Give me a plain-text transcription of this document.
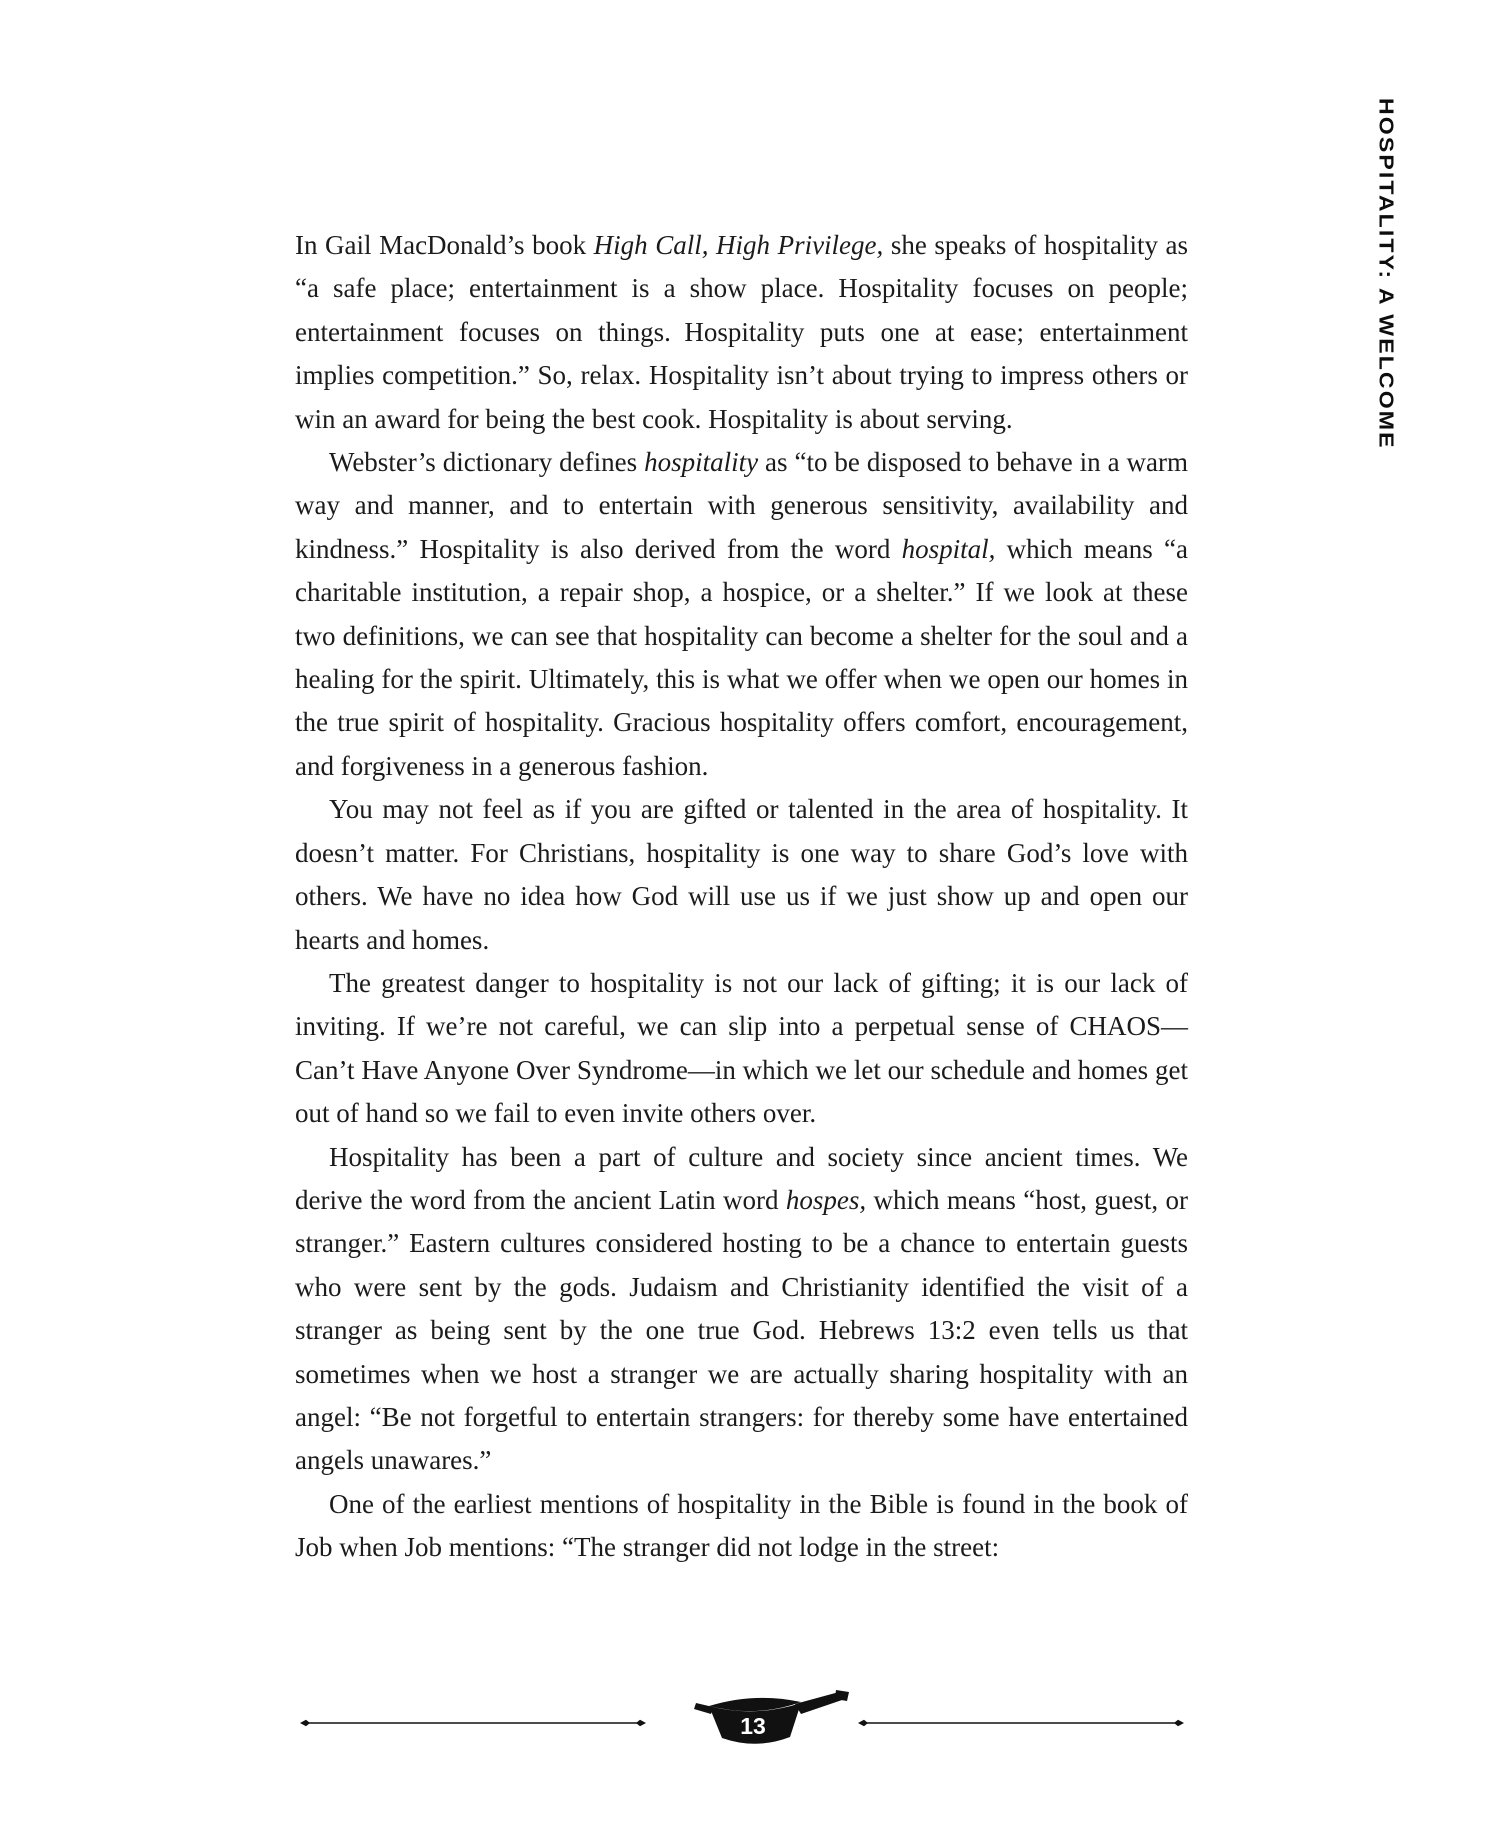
In Gail MacDonald’s book High Call, High Privilege, she speaks of hospitality as “a safe place; entertainment is a show place. Hospitality focuses on people; entertainment focuses on things. Hospitality puts one at ease; entertainment implies competition.” So, relax. Hospitality isn’t about trying to impress others or win an award for being the best cook. Hospitality is about serving.

Webster’s dictionary defines hospitality as “to be disposed to behave in a warm way and manner, and to entertain with generous sensitivity, availability and kindness.” Hospitality is also derived from the word hospital, which means “a charitable institution, a repair shop, a hospice, or a shelter.” If we look at these two definitions, we can see that hospitality can become a shelter for the soul and a healing for the spirit. Ultimately, this is what we offer when we open our homes in the true spirit of hospitality. Gracious hospitality offers comfort, encouragement, and forgiveness in a generous fashion.

You may not feel as if you are gifted or talented in the area of hospitality. It doesn’t matter. For Christians, hospitality is one way to share God’s love with others. We have no idea how God will use us if we just show up and open our hearts and homes.

The greatest danger to hospitality is not our lack of gifting; it is our lack of inviting. If we’re not careful, we can slip into a perpetual sense of CHAOS—Can’t Have Anyone Over Syndrome—in which we let our schedule and homes get out of hand so we fail to even invite others over.

Hospitality has been a part of culture and society since ancient times. We derive the word from the ancient Latin word hospes, which means “host, guest, or stranger.” Eastern cultures considered hosting to be a chance to entertain guests who were sent by the gods. Judaism and Christianity identified the visit of a stranger as being sent by the one true God. Hebrews 13:2 even tells us that sometimes when we host a stranger we are actually sharing hospitality with an angel: “Be not forgetful to entertain strangers: for thereby some have entertained angels unawares.”

One of the earliest mentions of hospitality in the Bible is found in the book of Job when Job mentions: “The stranger did not lodge in the street:

HOSPITALITY: A WELCOME
13
